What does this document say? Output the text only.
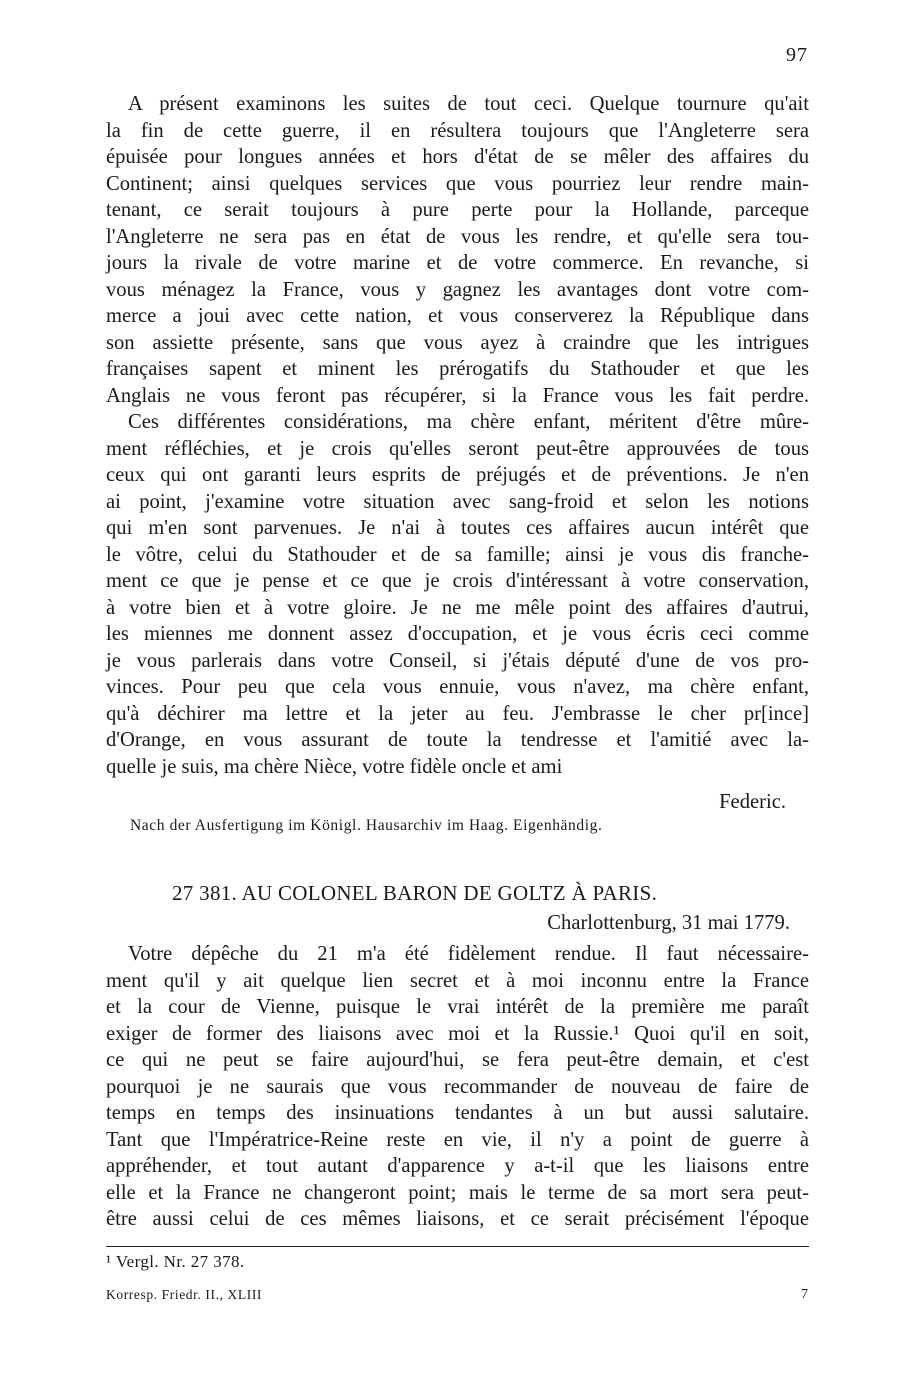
97
A présent examinons les suites de tout ceci. Quelque tournure qu'ait
la fin de cette guerre, il en résultera toujours que l'Angleterre sera
épuisée pour longues années et hors d'état de se mêler des affaires du
Continent; ainsi quelques services que vous pourriez leur rendre main-
tenant, ce serait toujours à pure perte pour la Hollande, parceque
l'Angleterre ne sera pas en état de vous les rendre, et qu'elle sera tou-
jours la rivale de votre marine et de votre commerce. En revanche, si
vous ménagez la France, vous y gagnez les avantages dont votre com-
merce a joui avec cette nation, et vous conserverez la République dans
son assiette présente, sans que vous ayez à craindre que les intrigues
françaises sapent et minent les prérogatifs du Stathouder et que les
Anglais ne vous feront pas récupérer, si la France vous les fait perdre.
Ces différentes considérations, ma chère enfant, méritent d'être mûre-
ment réfléchies, et je crois qu'elles seront peut-être approuvées de tous
ceux qui ont garanti leurs esprits de préjugés et de préventions. Je n'en
ai point, j'examine votre situation avec sang-froid et selon les notions
qui m'en sont parvenues. Je n'ai à toutes ces affaires aucun intérêt que
le vôtre, celui du Stathouder et de sa famille; ainsi je vous dis franche-
ment ce que je pense et ce que je crois d'intéressant à votre conservation,
à votre bien et à votre gloire. Je ne me mêle point des affaires d'autrui,
les miennes me donnent assez d'occupation, et je vous écris ceci comme
je vous parlerais dans votre Conseil, si j'étais député d'une de vos pro-
vinces. Pour peu que cela vous ennuie, vous n'avez, ma chère enfant,
qu'à déchirer ma lettre et la jeter au feu. J'embrasse le cher pr[ince]
d'Orange, en vous assurant de toute la tendresse et l'amitié avec la-
quelle je suis, ma chère Nièce, votre fidèle oncle et ami
Federic.
Nach der Ausfertigung im Königl. Hausarchiv im Haag. Eigenhändig.
27 381. AU COLONEL BARON DE GOLTZ À PARIS.
Charlottenburg, 31 mai 1779.
Votre dépêche du 21 m'a été fidèlement rendue. Il faut nécessaire-
ment qu'il y ait quelque lien secret et à moi inconnu entre la France
et la cour de Vienne, puisque le vrai intérêt de la première me paraît
exiger de former des liaisons avec moi et la Russie.¹ Quoi qu'il en soit,
ce qui ne peut se faire aujourd'hui, se fera peut-être demain, et c'est
pourquoi je ne saurais que vous recommander de nouveau de faire de
temps en temps des insinuations tendantes à un but aussi salutaire.
Tant que l'Impératrice-Reine reste en vie, il n'y a point de guerre à
appréhender, et tout autant d'apparence y a-t-il que les liaisons entre
elle et la France ne changeront point; mais le terme de sa mort sera peut-
être aussi celui de ces mêmes liaisons, et ce serait précisément l'époque
¹ Vergl. Nr. 27 378.
Korresp. Friedr. II., XLIII	7
